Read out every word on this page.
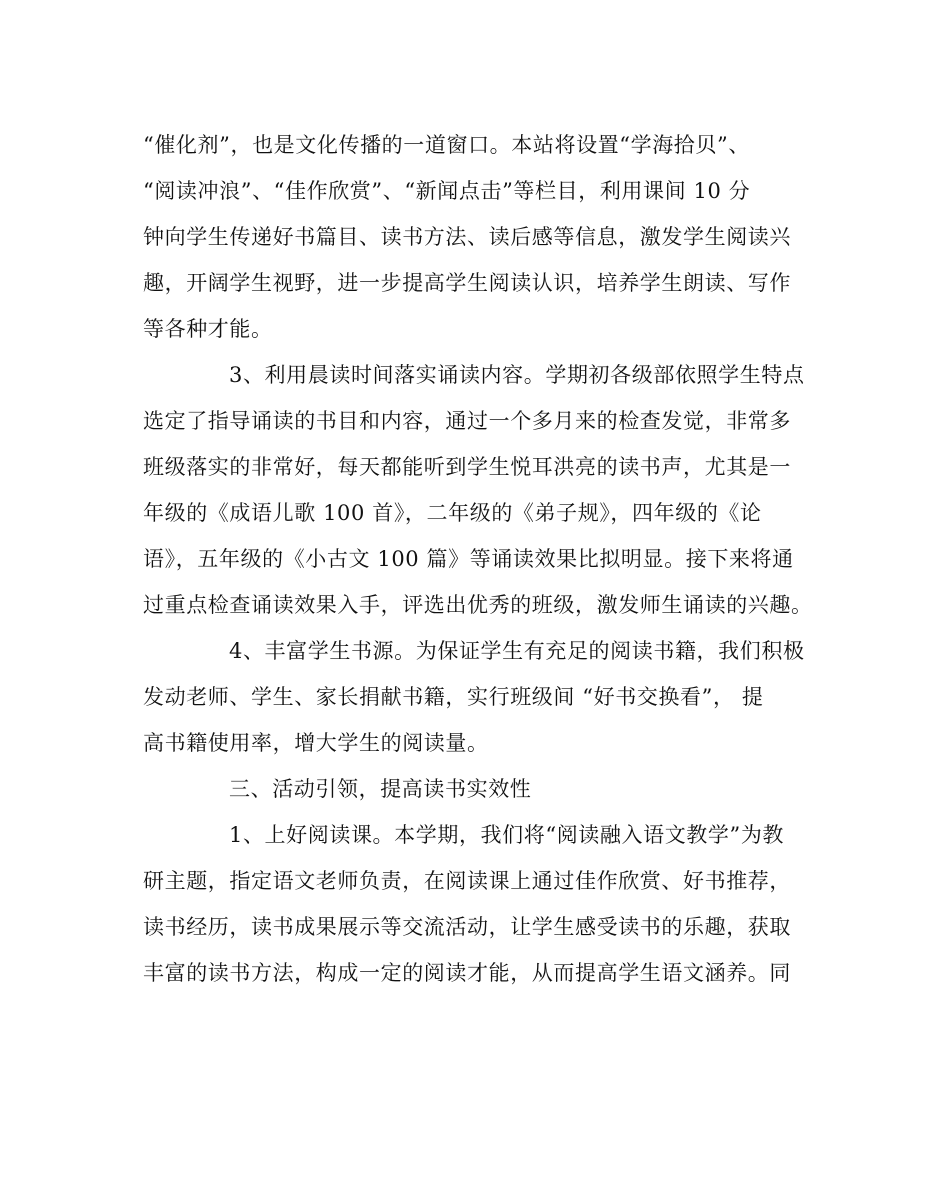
“催化剂”，也是文化传播的一道窗口。本站将设置“学海拾贝”、
“阅读冲浪”、“佳作欣赏”、“新闻点击”等栏目，利用课间 10 分
钟向学生传递好书篇目、读书方法、读后感等信息，激发学生阅读兴
趣，开阔学生视野，进一步提高学生阅读认识，培养学生朗读、写作
等各种才能。
3、利用晨读时间落实诵读内容。学期初各级部依照学生特点
选定了指导诵读的书目和内容，通过一个多月来的检查发觉，非常多
班级落实的非常好，每天都能听到学生悦耳洪亮的读书声，尤其是一
年级的《成语儿歌 100 首》，二年级的《弟子规》，四年级的《论
语》，五年级的《小古文 100 篇》等诵读效果比拟明显。接下来将通
过重点检查诵读效果入手，评选出优秀的班级，激发师生诵读的兴趣。
4、丰富学生书源。为保证学生有充足的阅读书籍，我们积极
发动老师、学生、家长捐献书籍，实行班级间 “好书交换看”， 提
高书籍使用率，增大学生的阅读量。
三、活动引领，提高读书实效性
1、上好阅读课。本学期，我们将“阅读融入语文教学”为教
研主题，指定语文老师负责，在阅读课上通过佳作欣赏、好书推荐，
读书经历，读书成果展示等交流活动，让学生感受读书的乐趣，获取
丰富的读书方法，构成一定的阅读才能，从而提高学生语文涵养。同
